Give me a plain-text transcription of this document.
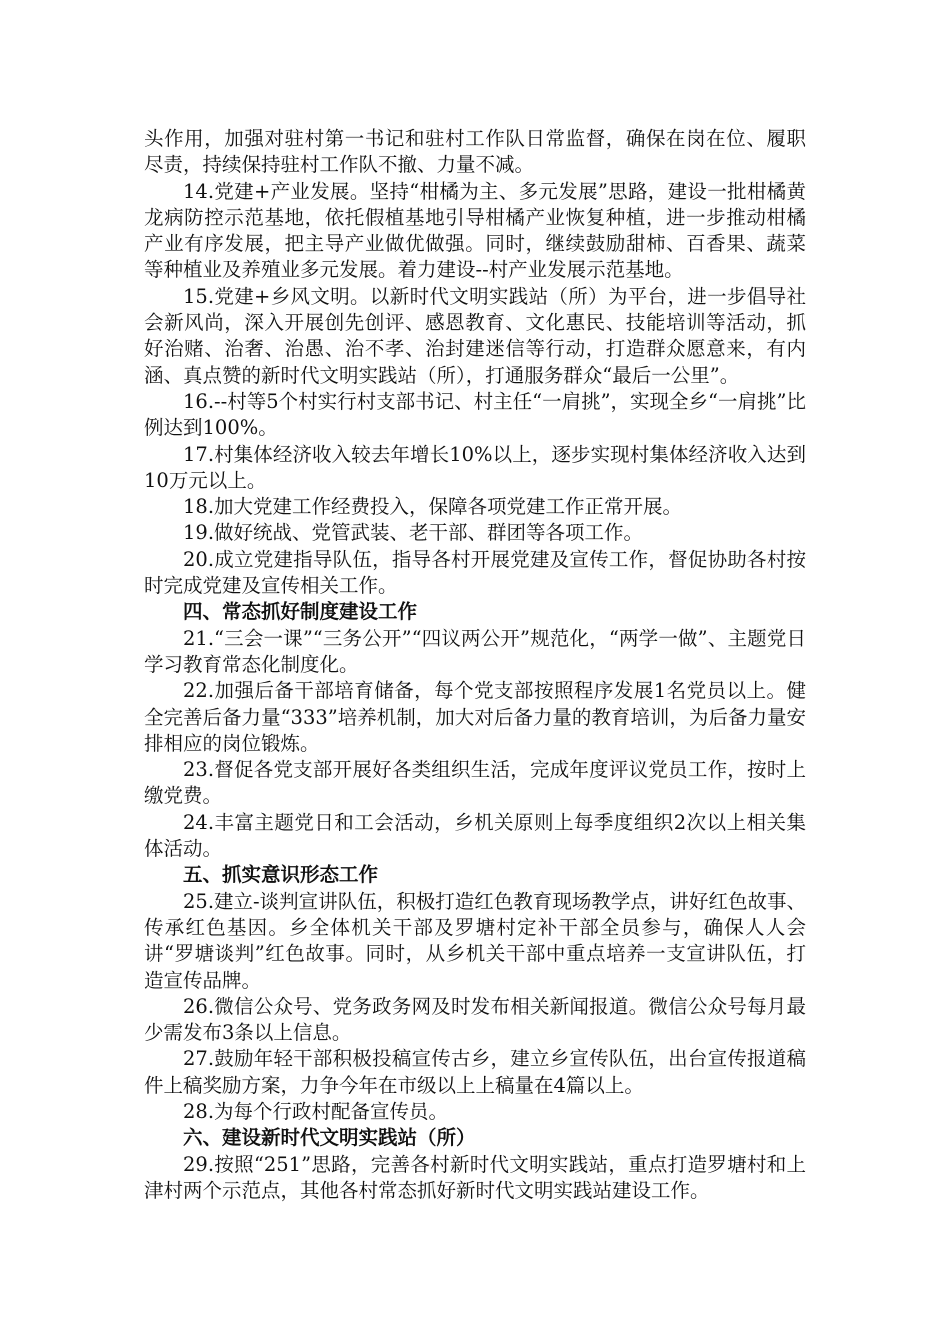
头作用，加强对驻村第一书记和驻村工作队日常监督，确保在岗在位、履职尽责，持续保持驻村工作队不撤、力量不减。

14.党建+产业发展。坚持“柑橘为主、多元发展”思路，建设一批柑橘黄龙病防控示范基地，依托假植基地引导柑橘产业恢复种植，进一步推动柑橘产业有序发展，把主导产业做优做强。同时，继续鼓励甜柿、百香果、蔬菜等种植业及养殖业多元发展。着力建设--村产业发展示范基地。

15.党建+乡风文明。以新时代文明实践站（所）为平台，进一步倡导社会新风尚，深入开展创先创评、感恩教育、文化惠民、技能培训等活动，抓好治赌、治奢、治愚、治不孝、治封建迷信等行动，打造群众愿意来，有内涵、真点赞的新时代文明实践站（所），打通服务群众“最后一公里”。

16.--村等5个村实行村支部书记、村主任“一肩挑”，实现全乡“一肩挑”比例达到100%。

17.村集体经济收入较去年增长10%以上，逐步实现村集体经济收入达到10万元以上。

18.加大党建工作经费投入，保障各项党建工作正常开展。

19.做好统战、党管武装、老干部、群团等各项工作。

20.成立党建指导队伍，指导各村开展党建及宣传工作，督促协助各村按时完成党建及宣传相关工作。

四、常态抓好制度建设工作

21.“三会一课”“三务公开”“四议两公开”规范化，“两学一做”、主题党日学习教育常态化制度化。

22.加强后备干部培育储备，每个党支部按照程序发展1名党员以上。健全完善后备力量“333”培养机制，加大对后备力量的教育培训，为后备力量安排相应的岗位锻炼。

23.督促各党支部开展好各类组织生活，完成年度评议党员工作，按时上缴党费。

24.丰富主题党日和工会活动，乡机关原则上每季度组织2次以上相关集体活动。

五、抓实意识形态工作

25.建立-谈判宣讲队伍，积极打造红色教育现场教学点，讲好红色故事、传承红色基因。乡全体机关干部及罗塘村定补干部全员参与，确保人人会讲“罗塘谈判”红色故事。同时，从乡机关干部中重点培养一支宣讲队伍，打造宣传品牌。

26.微信公众号、党务政务网及时发布相关新闻报道。微信公众号每月最少需发布3条以上信息。

27.鼓励年轻干部积极投稿宣传古乡，建立乡宣传队伍，出台宣传报道稿件上稿奖励方案，力争今年在市级以上上稿量在4篇以上。

28.为每个行政村配备宣传员。

六、建设新时代文明实践站（所）

29.按照“251”思路，完善各村新时代文明实践站，重点打造罗塘村和上津村两个示范点，其他各村常态抓好新时代文明实践站建设工作。
